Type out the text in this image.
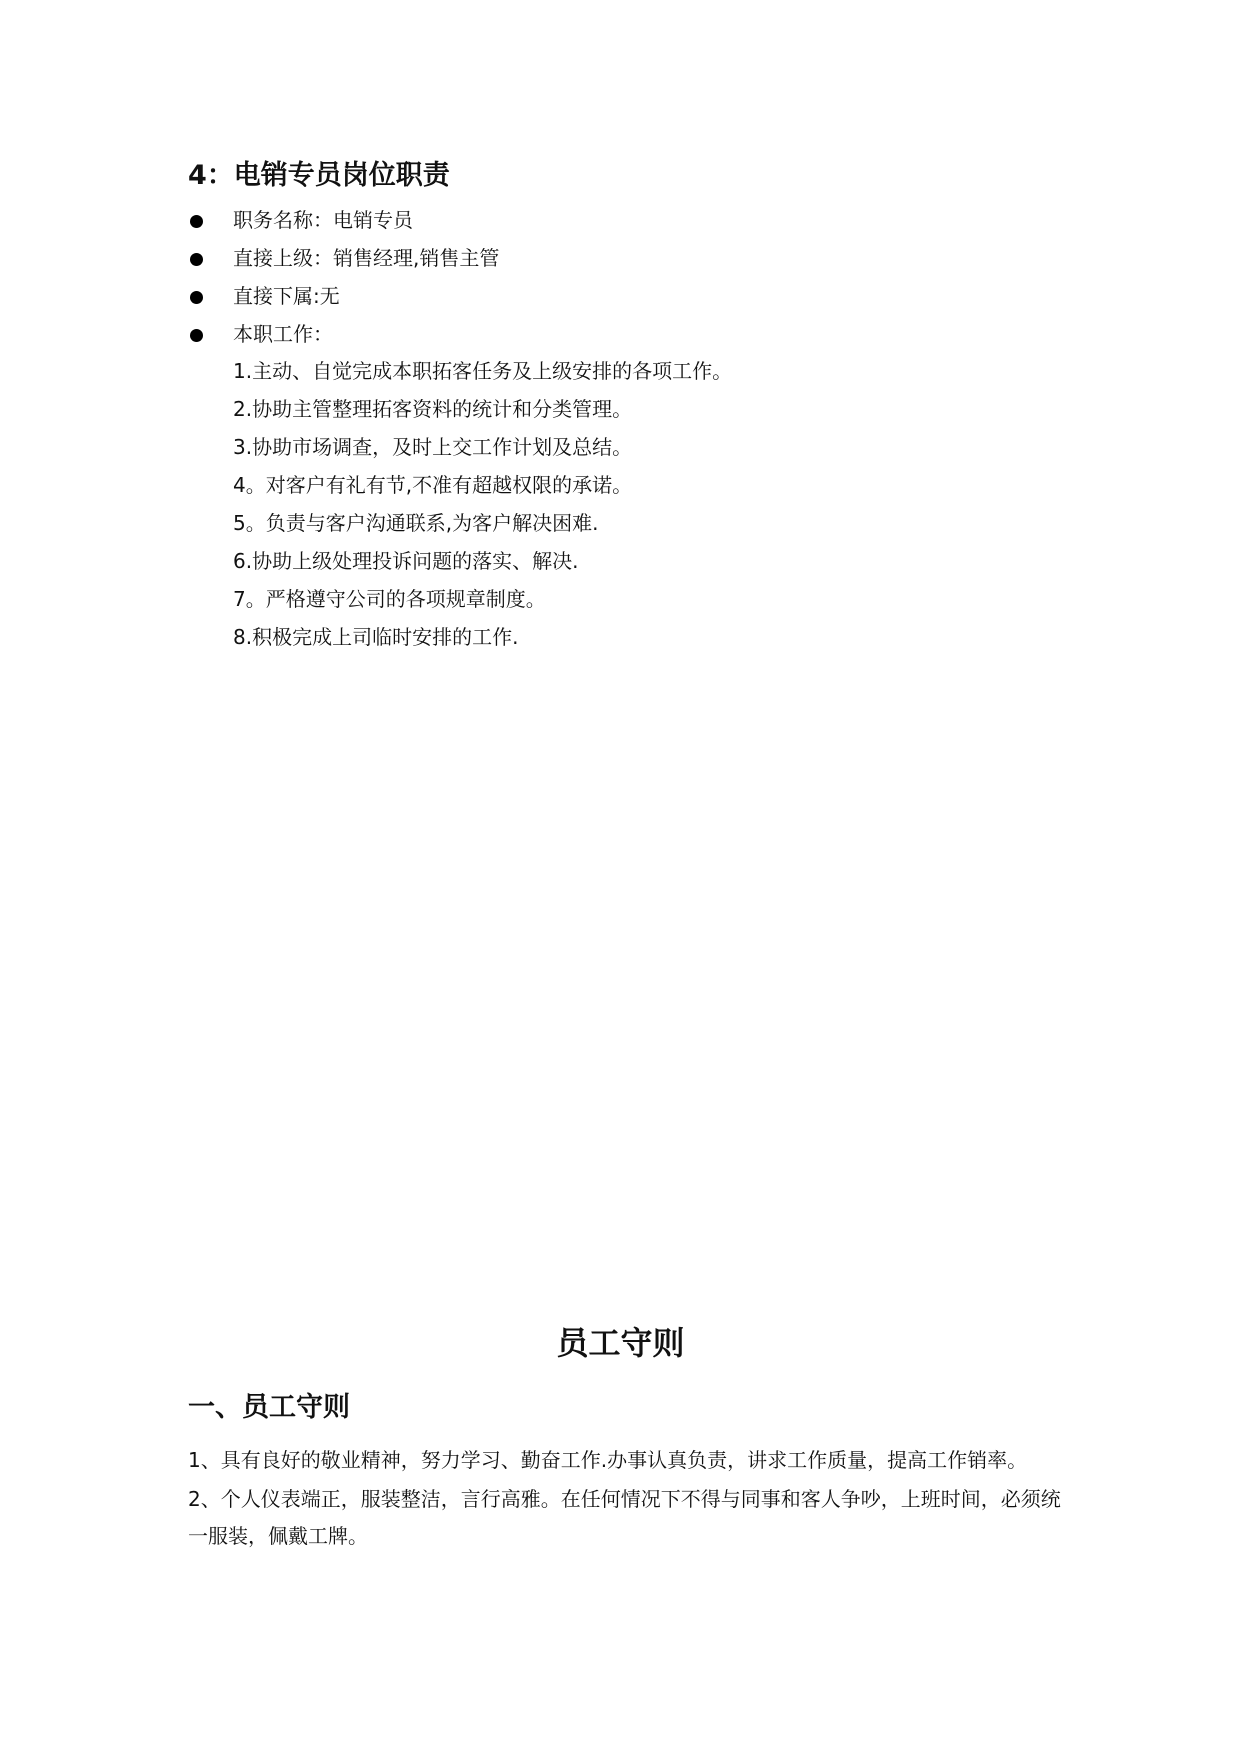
4：电销专员岗位职责
职务名称：电销专员
直接上级：销售经理,销售主管
直接下属:无
本职工作：
1.主动、自觉完成本职拓客任务及上级安排的各项工作。
2.协助主管整理拓客资料的统计和分类管理。
3.协助市场调查，及时上交工作计划及总结。
4。对客户有礼有节,不准有超越权限的承诺。
5。负责与客户沟通联系,为客户解决困难.
6.协助上级处理投诉问题的落实、解决.
7。严格遵守公司的各项规章制度。
8.积极完成上司临时安排的工作.
员工守则
一、员工守则

1、具有良好的敬业精神，努力学习、勤奋工作.办事认真负责，讲求工作质量，提高工作销率。

2、个人仪表端正，服装整洁，言行高雅。在任何情况下不得与同事和客人争吵，上班时间，必须统一服装，佩戴工牌。
